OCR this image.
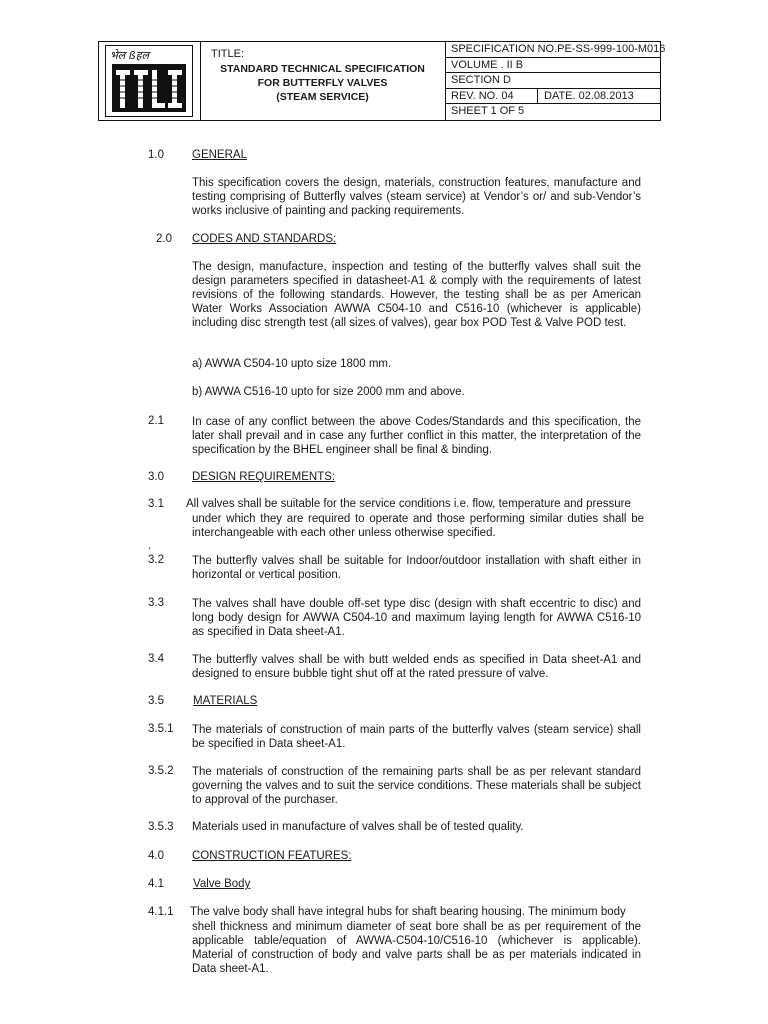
भेल ßहल	TITLE:
STANDARD TECHNICAL SPECIFICATION
FOR BUTTERFLY VALVES
(STEAM SERVICE)
SPECIFICATION NO.PE-SS-999-100-M016
VOLUME . II B
SECTION D
REV. NO. 04	DATE. 02.08.2013
SHEET 1 OF 5
1.0 GENERAL
This specification covers the design, materials, construction features, manufacture and testing comprising of Butterfly valves (steam service) at Vendor’s or/ and sub-Vendor’s works inclusive of painting and packing requirements.
2.0 CODES AND STANDARDS:
The design, manufacture, inspection and testing of the butterfly valves shall suit the design parameters specified in datasheet-A1 & comply with the requirements of latest revisions of the following standards. However, the testing shall be as per American Water Works Association AWWA C504-10 and C516-10 (whichever is applicable) including disc strength test (all sizes of valves), gear box POD Test & Valve POD test.
a) AWWA C504-10 upto size 1800 mm.
b) AWWA C516-10 upto for size 2000 mm and above.
2.1 In case of any conflict between the above Codes/Standards and this specification, the later shall prevail and in case any further conflict in this matter, the interpretation of the specification by the BHEL engineer shall be final & binding.
3.0 DESIGN REQUIREMENTS:
3.1 All valves shall be suitable for the service conditions i.e. flow, temperature and pressure
under which they are required to operate and those performing similar duties shall be interchangeable with each other unless otherwise specified.
.
3.2 The butterfly valves shall be suitable for Indoor/outdoor installation with shaft either in horizontal or vertical position.
3.3 The valves shall have double off-set type disc (design with shaft eccentric to disc) and long body design for AWWA C504-10 and maximum laying length for AWWA C516-10 as specified in Data sheet-A1.
3.4 The butterfly valves shall be with butt welded ends as specified in Data sheet-A1 and designed to ensure bubble tight shut off at the rated pressure of valve.
3.5	MATERIALS
3.5.1 The materials of construction of main parts of the butterfly valves (steam service) shall be specified in Data sheet-A1.
3.5.2 The materials of construction of the remaining parts shall be as per relevant standard governing the valves and to suit the service conditions. These materials shall be subject to approval of the purchaser.
3.5.3 Materials used in manufacture of valves shall be of tested quality.
4.0 CONSTRUCTION FEATURES:
4.1	Valve Body
4.1.1 The valve body shall have integral hubs for shaft bearing housing. The minimum body
shell thickness and minimum diameter of seat bore shall be as per requirement of the applicable table/equation of AWWA-C504-10/C516-10 (whichever is applicable). Material of construction of body and valve parts shall be as per materials indicated in Data sheet-A1.
